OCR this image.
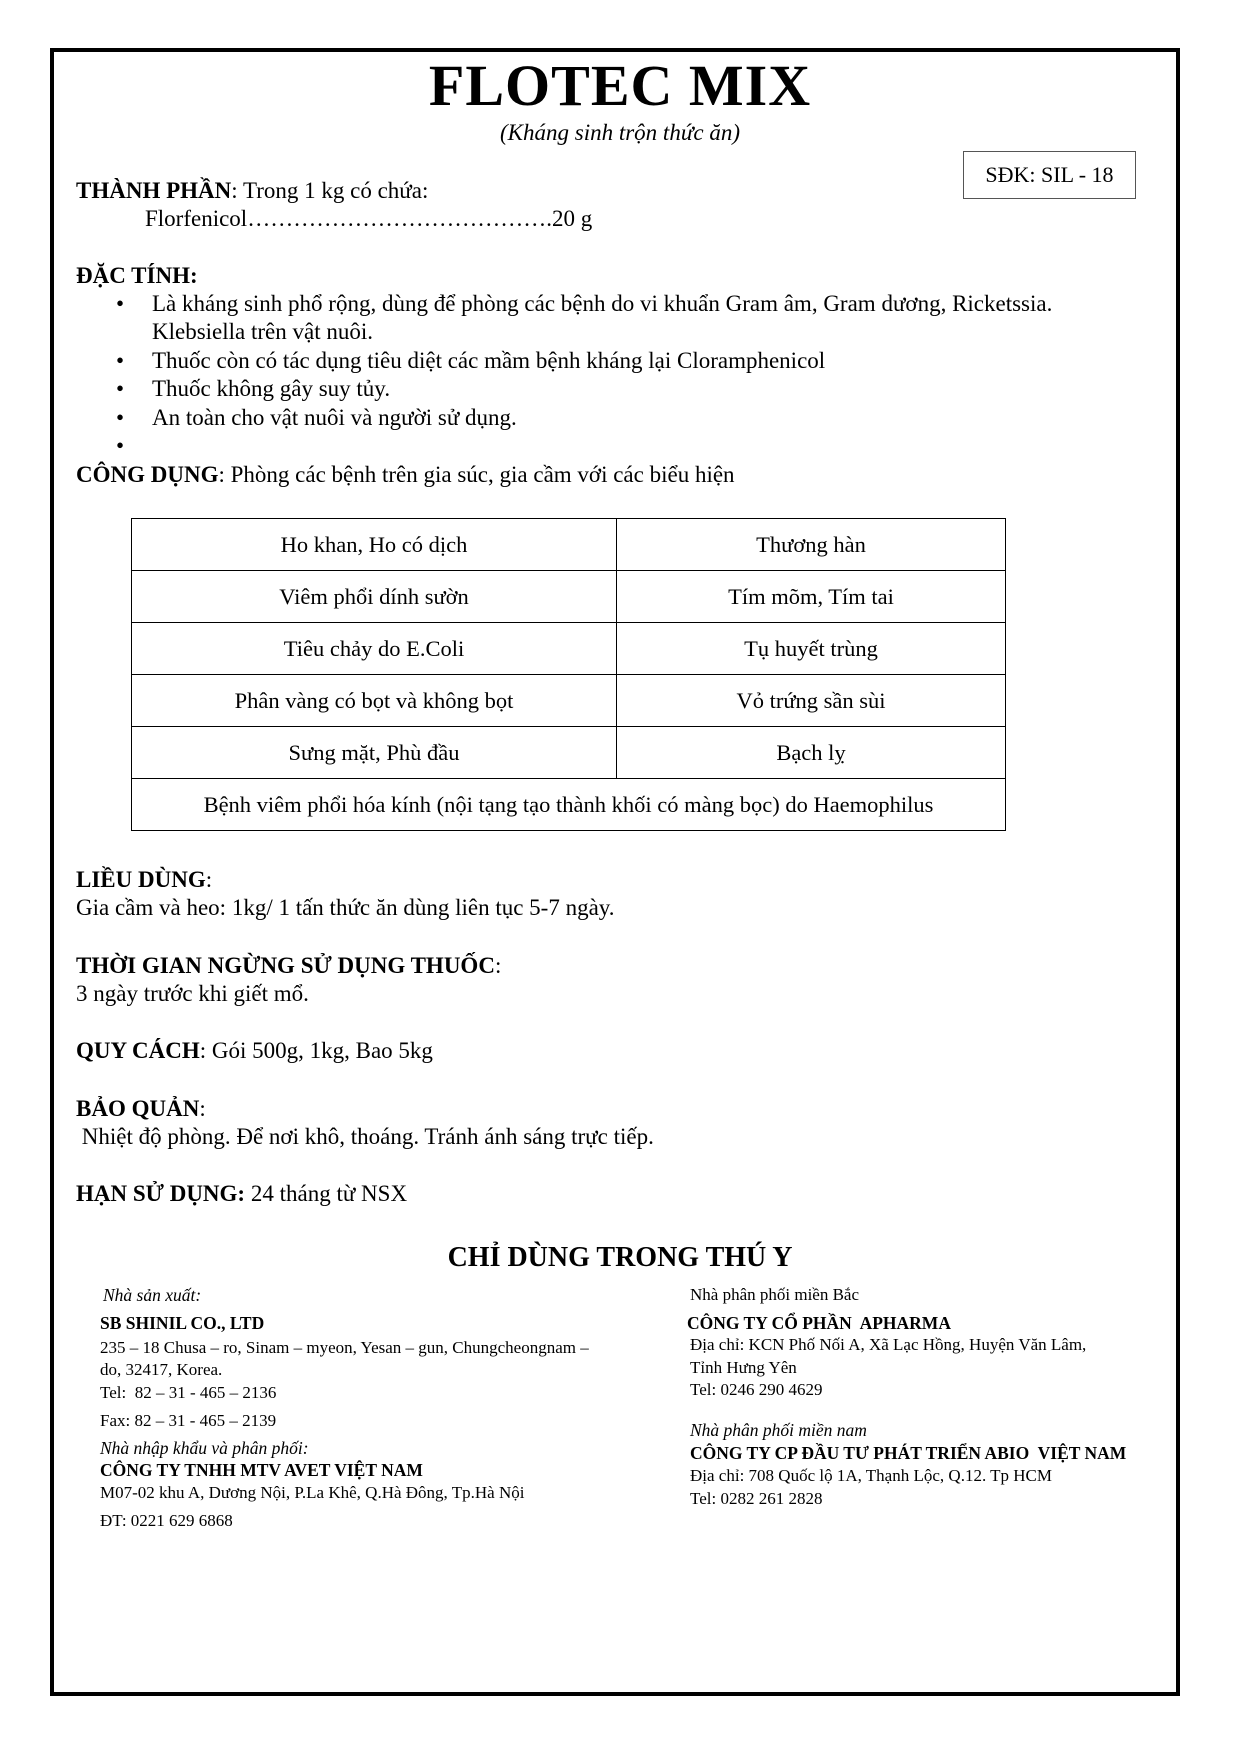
FLOTEC MIX
(Kháng sinh trộn thức ăn)
SĐK: SIL - 18
THÀNH PHẦN: Trong 1 kg có chứa:
Florfenicol………………………………….20 g
ĐẶC TÍNH:
• Là kháng sinh phổ rộng, dùng để phòng các bệnh do vi khuẩn Gram âm, Gram dương, Ricketssia.
Klebsiella trên vật nuôi.
• Thuốc còn có tác dụng tiêu diệt các mầm bệnh kháng lại Cloramphenicol
• Thuốc không gây suy tủy.
• An toàn cho vật nuôi và người sử dụng.
•
CÔNG DỤNG: Phòng các bệnh trên gia súc, gia cầm với các biểu hiện
Ho khan, Ho có dịch	Thương hàn
Viêm phổi dính sườn	Tím mõm, Tím tai
Tiêu chảy do E.Coli	Tụ huyết trùng
Phân vàng có bọt và không bọt	Vỏ trứng sần sùi
Sưng mặt, Phù đầu	Bạch lỵ
Bệnh viêm phổi hóa kính (nội tạng tạo thành khối có màng bọc) do Haemophilus	
LIỀU DÙNG:
Gia cầm và heo: 1kg/ 1 tấn thức ăn dùng liên tục 5-7 ngày.
THỜI GIAN NGỪNG SỬ DỤNG THUỐC:
3 ngày trước khi giết mổ.
QUY CÁCH: Gói 500g, 1kg, Bao 5kg
BẢO QUẢN:
Nhiệt độ phòng. Để nơi khô, thoáng. Tránh ánh sáng trực tiếp.
HẠN SỬ DỤNG: 24 tháng từ NSX
CHỈ DÙNG TRONG THÚ Y
Nhà sản xuất:
SB SHINIL CO., LTD
235 – 18 Chusa – ro, Sinam – myeon, Yesan – gun, Chungcheongnam –
do, 32417, Korea.
Tel:  82 – 31 - 465 – 2136
Fax: 82 – 31 - 465 – 2139
Nhà nhập khẩu và phân phối:
CÔNG TY TNHH MTV AVET VIỆT NAM
M07-02 khu A, Dương Nội, P.La Khê, Q.Hà Đông, Tp.Hà Nội
ĐT: 0221 629 6868
Nhà phân phối miền Bắc
CÔNG TY CỔ PHẦN  APHARMA
Địa chỉ: KCN Phố Nối A, Xã Lạc Hồng, Huyện Văn Lâm,
Tỉnh Hưng Yên
Tel: 0246 290 4629
Nhà phân phối miền nam
CÔNG TY CP ĐẦU TƯ PHÁT TRIỂN ABIO  VIỆT NAM
Địa chỉ: 708 Quốc lộ 1A, Thạnh Lộc, Q.12. Tp HCM
Tel: 0282 261 2828
